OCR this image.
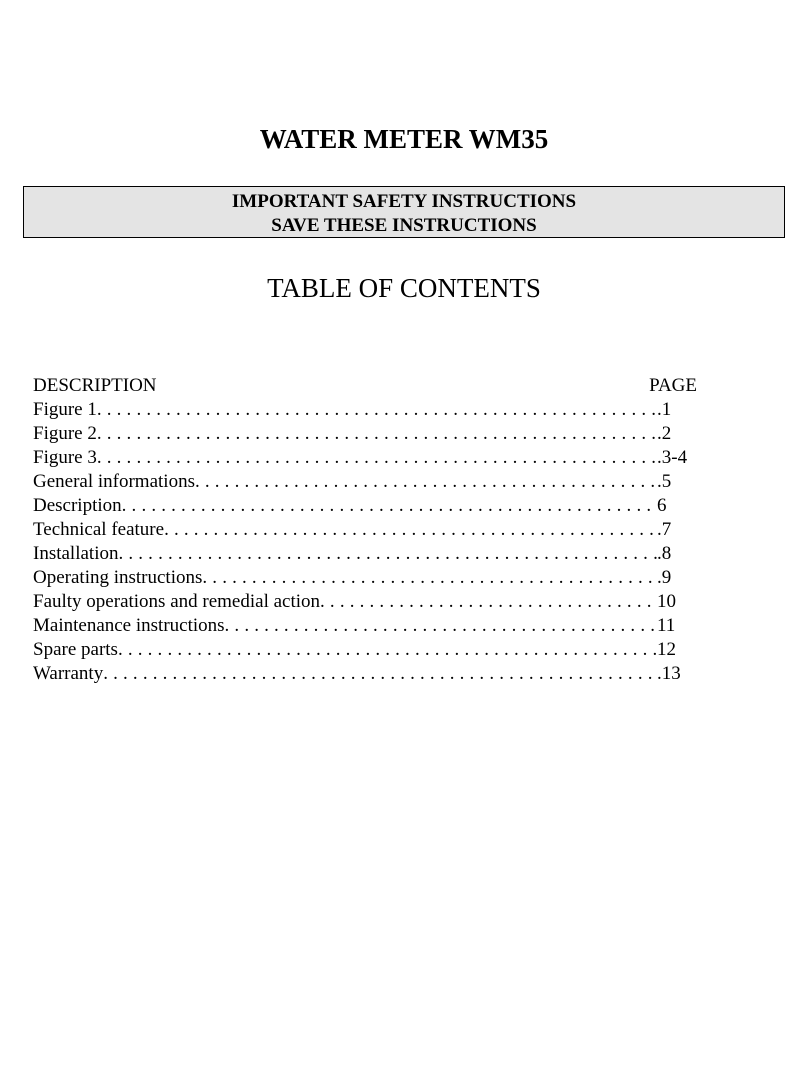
WATER METER WM35
IMPORTANT SAFETY INSTRUCTIONS
SAVE THESE INSTRUCTIONS
TABLE OF CONTENTS
DESCRIPTION	PAGE
Figure 1 . . .	.1
Figure 2 . . .	.2
Figure 3 . . .	.3-4
General informations . . .	.5
Description . . .	6
Technical feature . . .	.7
Installation . . .	.8
Operating instructions . . .	.9
Faulty operations and remedial action . . .	10
Maintenance instructions . . .	11
Spare parts . . .	12
Warranty . . .	.13
